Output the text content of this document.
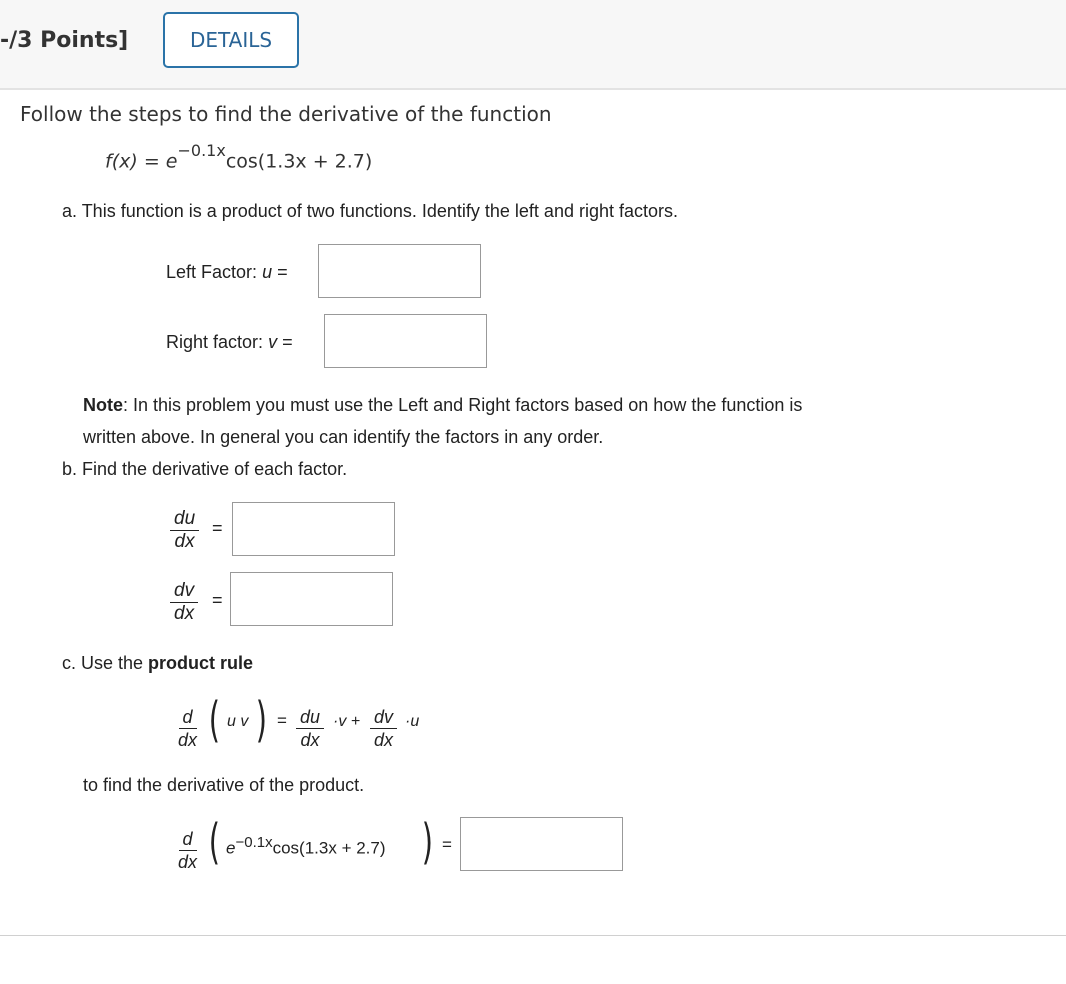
-/3 Points]	DETAILS
Follow the steps to find the derivative of the function
$f(x) = e^{-0.1x}\cos(1.3x + 2.7)$
a. This function is a product of two functions. Identify the left and right factors.
Left Factor: u =
Right factor: v =
Note: In this problem you must use the Left and Right factors based on how the function is
written above. In general you can identify the factors in any order.
b. Find the derivative of each factor.
$\frac{du}{dx}$ =
$\frac{dv}{dx}$ =
c. Use the product rule
$\frac{d}{dx}$ ( u v ) = $\frac{du}{dx} \cdot v + \frac{dv}{dx} \cdot u$
to find the derivative of the product.
$\frac{d}{dx}$ ( $e^{-0.1x}\cos(1.3x + 2.7)$ ) =
